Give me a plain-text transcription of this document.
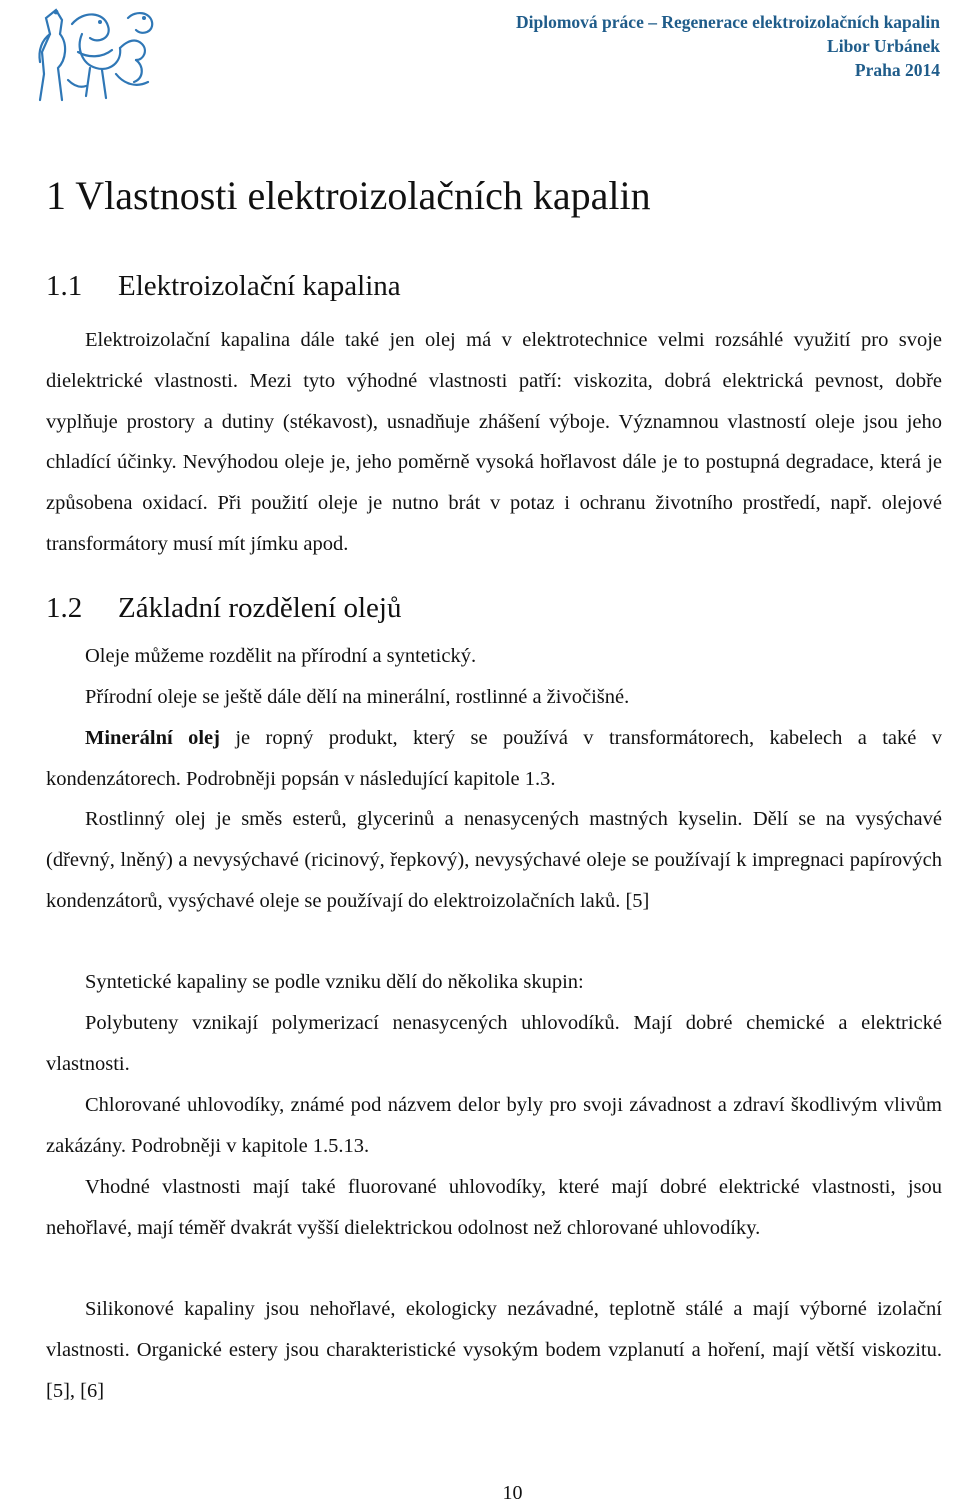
Diplomová práce – Regenerace elektroizolačních kapalin
Libor Urbánek
Praha 2014
1 Vlastnosti elektroizolačních kapalin
1.1 Elektroizolační kapalina

Elektroizolační kapalina dále také jen olej má v elektrotechnice velmi rozsáhlé využití pro svoje dielektrické vlastnosti. Mezi tyto výhodné vlastnosti patří: viskozita, dobrá elektrická pevnost, dobře vyplňuje prostory a dutiny (stékavost), usnadňuje zhášení výboje. Významnou vlastností oleje jsou jeho chladící účinky. Nevýhodou oleje je, jeho poměrně vysoká hořlavost dále je to postupná degradace, která je způsobena oxidací. Při použití oleje je nutno brát v potaz i ochranu životního prostředí, např. olejové transformátory musí mít jímku apod.

1.2 Základní rozdělení olejů

Oleje můžeme rozdělit na přírodní a syntetický.

Přírodní oleje se ještě dále dělí na minerální, rostlinné a živočišné.

Minerální olej je ropný produkt, který se používá v transformátorech, kabelech a také v kondenzátorech. Podrobněji popsán v následující kapitole 1.3.

Rostlinný olej je směs esterů, glycerinů a nenasycených mastných kyselin. Dělí se na vysýchavé (dřevný, lněný) a nevysýchavé (ricinový, řepkový), nevysýchavé oleje se používají k impregnaci papírových kondenzátorů, vysýchavé oleje se používají do elektroizolačních laků. [5]

Syntetické kapaliny se podle vzniku dělí do několika skupin:

Polybuteny vznikají polymerizací nenasycených uhlovodíků. Mají dobré chemické a elektrické vlastnosti.

Chlorované uhlovodíky, známé pod názvem delor byly pro svoji závadnost a zdraví škodlivým vlivům zakázány. Podrobněji v kapitole 1.5.13.

Vhodné vlastnosti mají také fluorované uhlovodíky, které mají dobré elektrické vlastnosti, jsou nehořlavé, mají téměř dvakrát vyšší dielektrickou odolnost než chlorované uhlovodíky.

Silikonové kapaliny jsou nehořlavé, ekologicky nezávadné, teplotně stálé a mají výborné izolační vlastnosti. Organické estery jsou charakteristické vysokým bodem vzplanutí a hoření, mají větší viskozitu. [5], [6]

10
